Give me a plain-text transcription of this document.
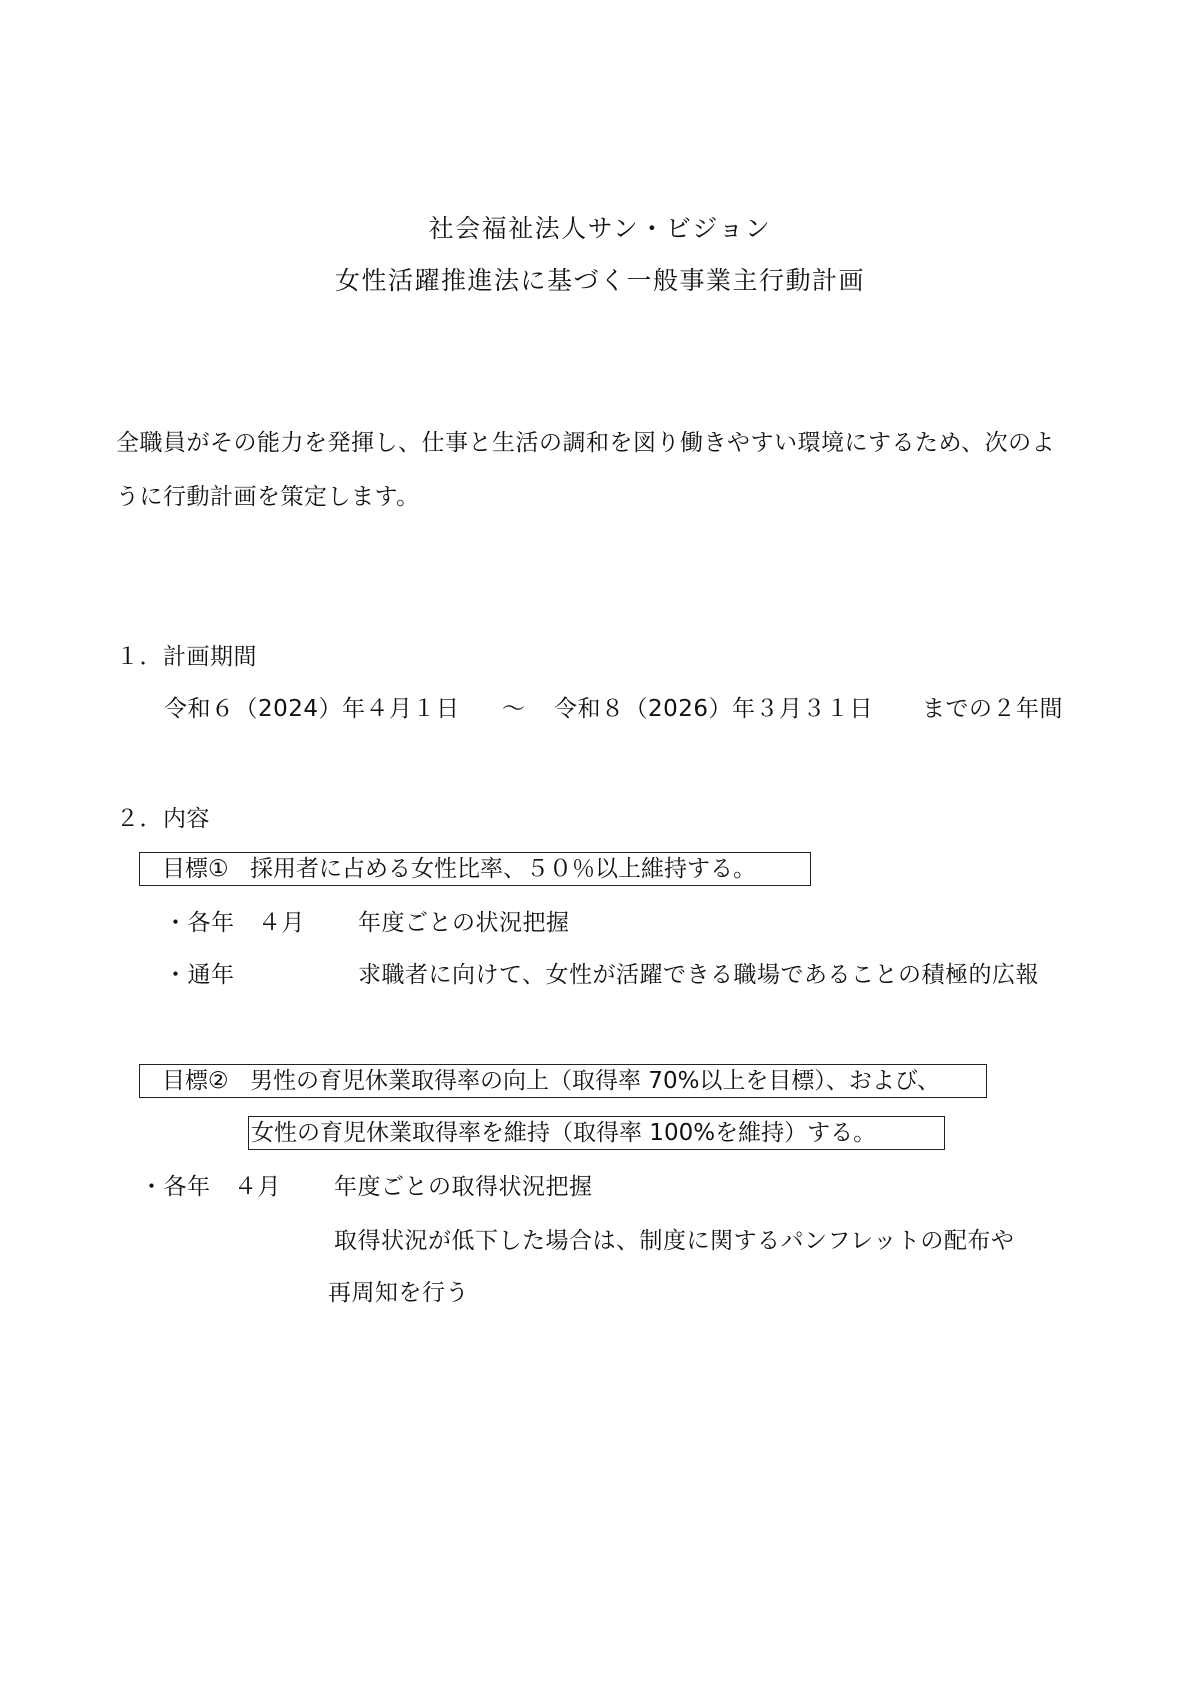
社会福祉法人サン・ビジョン
女性活躍推進法に基づく一般事業主行動計画
全職員がその能力を発揮し、仕事と生活の調和を図り働きやすい環境にするため、次のよ
うに行動計画を策定します。
１．計画期間
令和６（2024）年４月１日 ～ 令和８（2026）年３月３１日 までの２年間
２．内容
目標① 採用者に占める女性比率、５０％以上維持する。
・各年　４月 年度ごとの状況把握
・通年	求職者に向けて、女性が活躍できる職場であることの積極的広報
目標② 男性の育児休業取得率の向上（取得率 70%以上を目標）、および、
女性の育児休業取得率を維持（取得率 100%を維持）する。
・各年　４月 年度ごとの取得状況把握
取得状況が低下した場合は、制度に関するパンフレットの配布や
再周知を行う
